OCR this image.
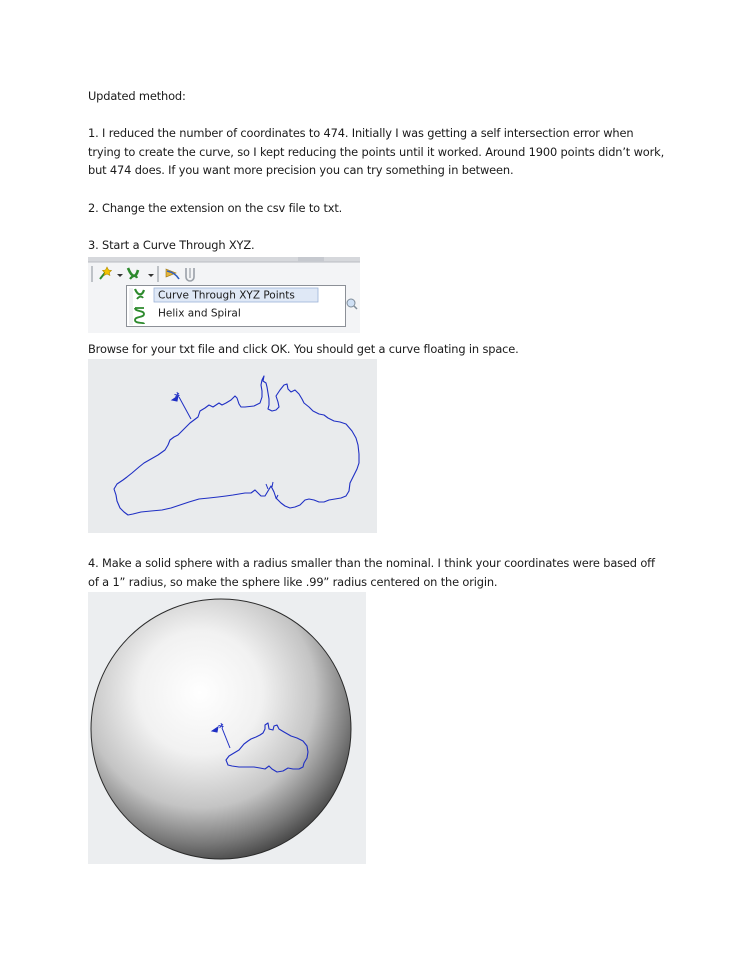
Updated method:

1. I reduced the number of coordinates to 474. Initially I was getting a self intersection error when trying to create the curve, so I kept reducing the points until it worked. Around 1900 points didn’t work, but 474 does. If you want more precision you can try something in between.

2. Change the extension on the csv file to txt.

3. Start a Curve Through XYZ.

Curve Through XYZ Points
Helix and Spiral

Browse for your txt file and click OK. You should get a curve floating in space.

4. Make a solid sphere with a radius smaller than the nominal. I think your coordinates were based off of a 1” radius, so make the sphere like .99” radius centered on the origin.
